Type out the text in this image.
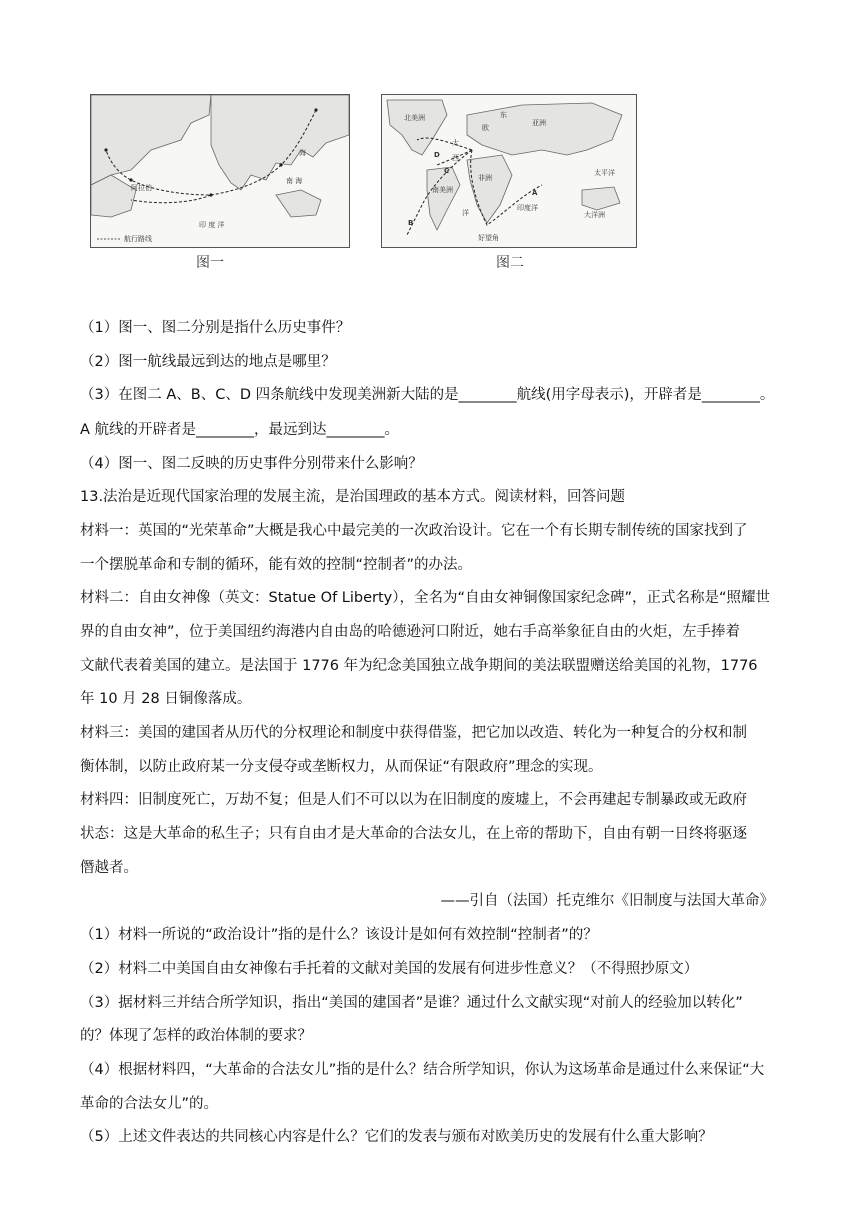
阿拉伯
印 度 洋
海
南 海
航行路线
图一
A
B
C
D
北美洲
南美洲
非洲
亚洲
欧
大洋洲
太平洋
印度洋
好望角
大
西
洋
东
图二
（1）图一、图二分别是指什么历史事件？
（2）图一航线最远到达的地点是哪里？
（3）在图二 A、B、C、D 四条航线中发现美洲新大陆的是________航线(用字母表示)，开辟者是________。
A 航线的开辟者是________，最远到达________。
（4）图一、图二反映的历史事件分别带来什么影响？
13.法治是近现代国家治理的发展主流，是治国理政的基本方式。阅读材料，回答问题
材料一：英国的“光荣革命”大概是我心中最完美的一次政治设计。它在一个有长期专制传统的国家找到了
一个摆脱革命和专制的循环，能有效的控制“控制者”的办法。
材料二：自由女神像（英文：Statue Of Liberty），全名为“自由女神铜像国家纪念碑”，正式名称是“照耀世
界的自由女神”，位于美国纽约海港内自由岛的哈德逊河口附近，她右手高举象征自由的火炬，左手捧着
文献代表着美国的建立。是法国于 1776 年为纪念美国独立战争期间的美法联盟赠送给美国的礼物，1776
年 10 月 28 日铜像落成。
材料三：美国的建国者从历代的分权理论和制度中获得借鉴，把它加以改造、转化为一种复合的分权和制
衡体制，以防止政府某一分支侵夺或垄断权力，从而保证“有限政府”理念的实现。
材料四：旧制度死亡，万劫不复；但是人们不可以以为在旧制度的废墟上，不会再建起专制暴政或无政府
状态：这是大革命的私生子；只有自由才是大革命的合法女儿，在上帝的帮助下，自由有朝一日终将驱逐
僭越者。
——引自（法国）托克维尔《旧制度与法国大革命》
（1）材料一所说的“政治设计”指的是什么？该设计是如何有效控制“控制者”的？
（2）材料二中美国自由女神像右手托着的文献对美国的发展有何进步性意义？（不得照抄原文）
（3）据材料三并结合所学知识，指出“美国的建国者”是谁？通过什么文献实现“对前人的经验加以转化”
的？体现了怎样的政治体制的要求？
（4）根据材料四，“大革命的合法女儿”指的是什么？结合所学知识，你认为这场革命是通过什么来保证“大
革命的合法女儿”的。
（5）上述文件表达的共同核心内容是什么？它们的发表与颁布对欧美历史的发展有什么重大影响？
